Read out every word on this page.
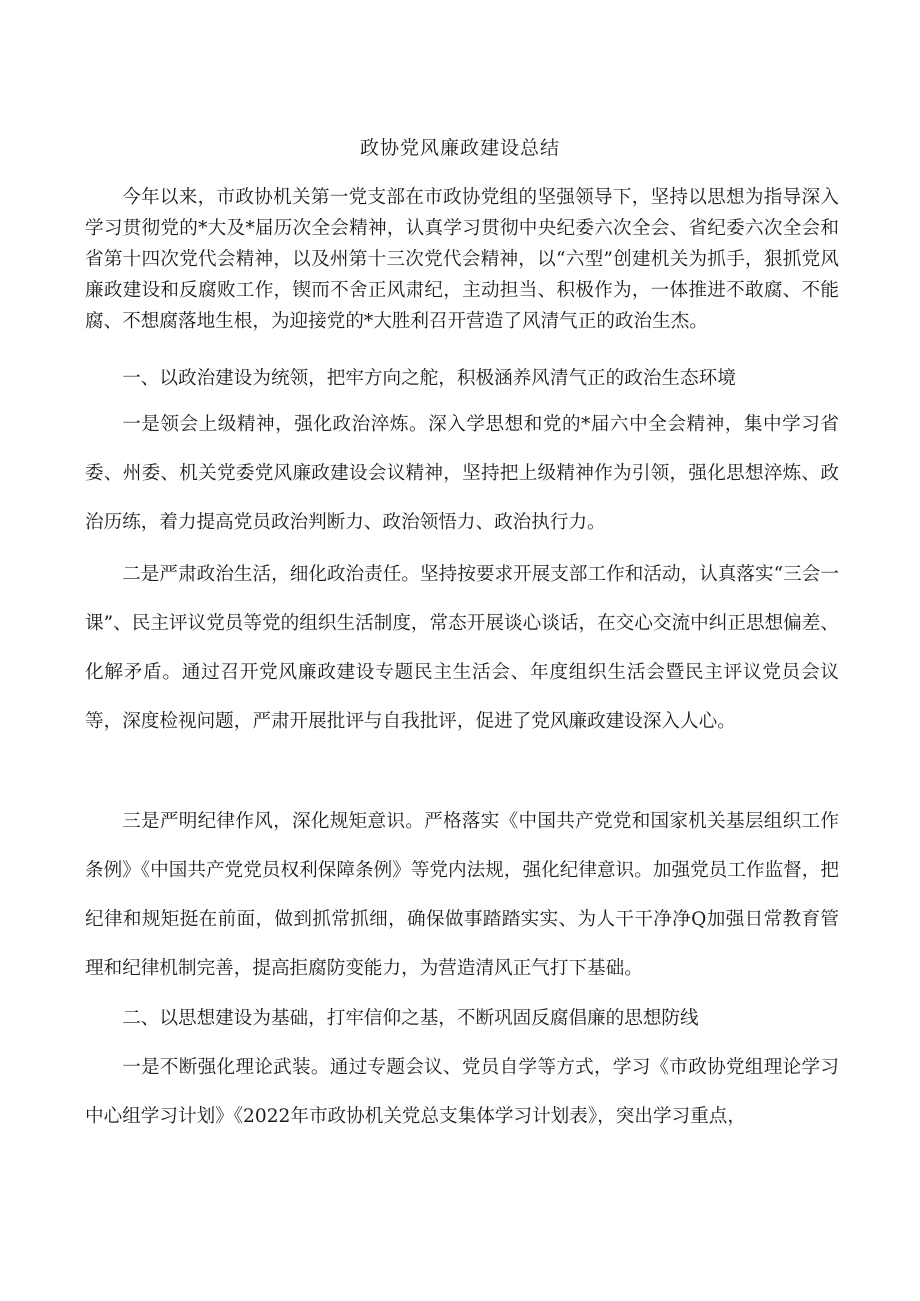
政协党风廉政建设总结

今年以来，市政协机关第一党支部在市政协党组的坚强领导下，坚持以思想为指导深入学习贯彻党的*大及*届历次全会精神，认真学习贯彻中央纪委六次全会、省纪委六次全会和省第十四次党代会精神，以及州第十三次党代会精神，以“六型”创建机关为抓手，狠抓党风廉政建设和反腐败工作，锲而不舍正风肃纪，主动担当、积极作为，一体推进不敢腐、不能腐、不想腐落地生根，为迎接党的*大胜利召开营造了风清气正的政治生杰。

一、以政治建设为统领，把牢方向之舵，积极涵养风清气正的政治生态环境

一是领会上级精神，强化政治淬炼。深入学思想和党的*届六中全会精神，集中学习省委、州委、机关党委党风廉政建设会议精神，坚持把上级精神作为引领，强化思想淬炼、政治历练，着力提高党员政治判断力、政治领悟力、政治执行力。

二是严肃政治生活，细化政治责任。坚持按要求开展支部工作和活动，认真落实“三会一课”、民主评议党员等党的组织生活制度，常态开展谈心谈话，在交心交流中纠正思想偏差、化解矛盾。通过召开党风廉政建设专题民主生活会、年度组织生活会暨民主评议党员会议等，深度检视问题，严肃开展批评与自我批评，促进了党风廉政建设深入人心。

三是严明纪律作风，深化规矩意识。严格落实《中国共产党党和国家机关基层组织工作条例》《中国共产党党员权利保障条例》等党内法规，强化纪律意识。加强党员工作监督，把纪律和规矩挺在前面，做到抓常抓细，确保做事踏踏实实、为人干干净净Q加强日常教育管理和纪律机制完善，提高拒腐防变能力，为营造清风正气打下基础。

二、以思想建设为基础，打牢信仰之基，不断巩固反腐倡廉的思想防线

一是不断强化理论武装。通过专题会议、党员自学等方式，学习《市政协党组理论学习中心组学习计划》《2022年市政协机关党总支集体学习计划表》，突出学习重点，
